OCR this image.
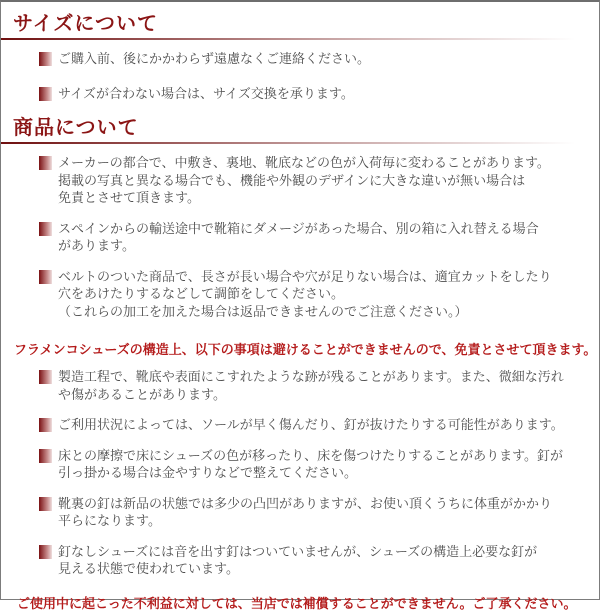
サイズについて
ご購入前、後にかかわらず遠慮なくご連絡ください。
サイズが合わない場合は、サイズ交換を承ります。
商品について
メーカーの都合で、中敷き、裏地、靴底などの色が入荷毎に変わることがあります。
掲載の写真と異なる場合でも、機能や外観のデザインに大きな違いが無い場合は
免責とさせて頂きます。
スペインからの輸送途中で靴箱にダメージがあった場合、別の箱に入れ替える場合
があります。
ベルトのついた商品で、長さが長い場合や穴が足りない場合は、適宜カットをしたり
穴をあけたりするなどして調節をしてください。
（これらの加工を加えた場合は返品できませんのでご注意ください。）

フラメンコシューズの構造上、以下の事項は避けることができませんので、免責とさせて頂きます。

製造工程で、靴底や表面にこすれたような跡が残ることがあります。また、微細な汚れ
や傷があることがあります。
ご利用状況によっては、ソールが早く傷んだり、釘が抜けたりする可能性があります。
床との摩擦で床にシューズの色が移ったり、床を傷つけたりすることがあります。釘が
引っ掛かる場合は金やすりなどで整えてください。
靴裏の釘は新品の状態では多少の凸凹がありますが、お使い頂くうちに体重がかかり
平らになります。
釘なしシューズには音を出す釘はついていませんが、シューズの構造上必要な釘が
見える状態で使われています。

ご使用中に起こった不利益に対しては、当店では補償することができません。ご了承ください。
